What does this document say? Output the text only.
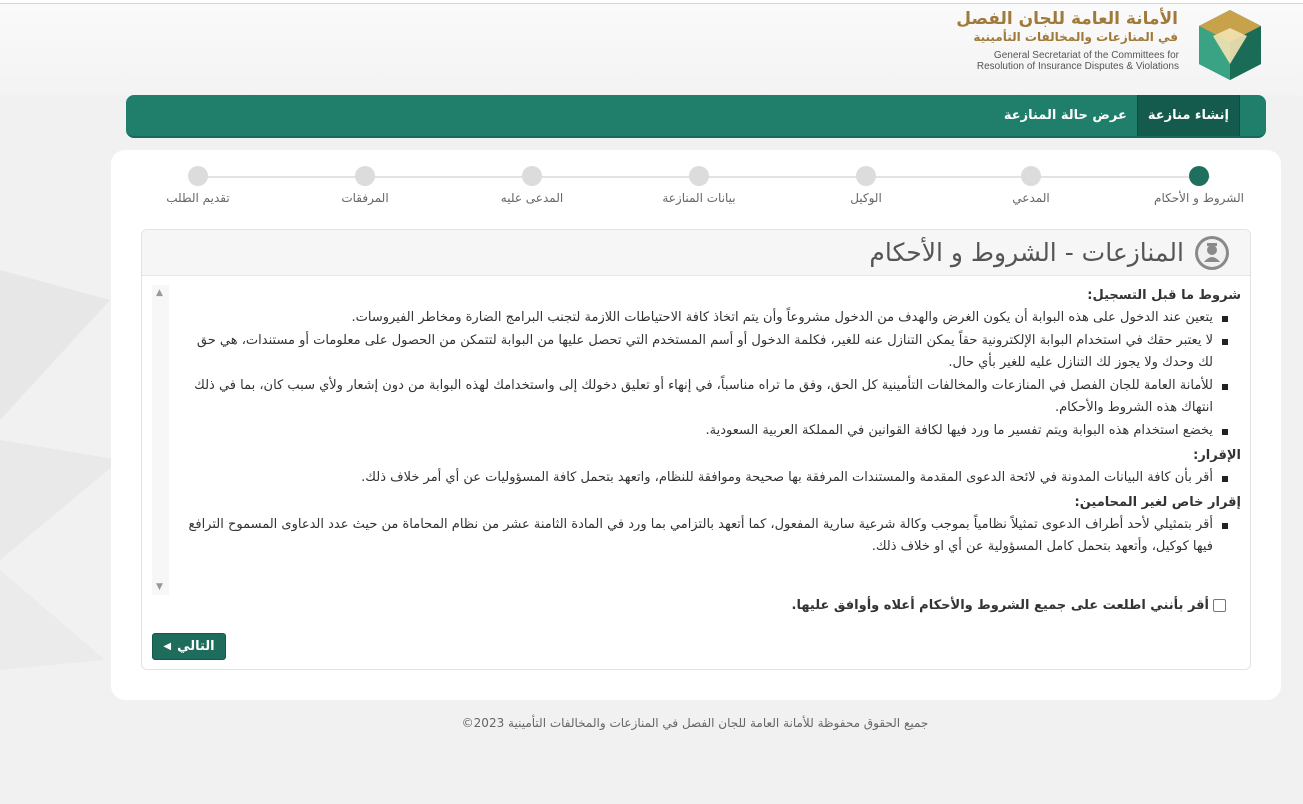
الأمانة العامة للجان الفصل
في المنازعات والمخالفات التأمينية
General Secretariat of the Committees for
Resolution of Insurance Disputes & Violations
إنشاء منازعة
عرض حالة المنازعة
الشروط و الأحكام
المدعي
الوكيل
بيانات المنازعة
المدعى عليه
المرفقات
تقديم الطلب
المنازعات - الشروط و الأحكام
▲
▼
شروط ما قبل التسجيل:
يتعين عند الدخول على هذه البوابة أن يكون الغرض والهدف من الدخول مشروعاً وأن يتم اتخاذ كافة الاحتياطات اللازمة لتجنب البرامج الضارة ومخاطر الفيروسات.
لا يعتبر حقك في استخدام البوابة الإلكترونية حقاً يمكن التنازل عنه للغير، فكلمة الدخول أو أسم المستخدم التي تحصل عليها من البوابة لتتمكن من الحصول على معلومات أو مستندات، هي حق لك وحدك ولا يجوز لك التنازل عليه للغير بأي حال.
للأمانة العامة للجان الفصل في المنازعات والمخالفات التأمينية كل الحق، وفق ما تراه مناسباً، في إنهاء أو تعليق دخولك إلى واستخدامك لهذه البوابة من دون إشعار ولأي سبب كان، بما في ذلك انتهاك هذه الشروط والأحكام.
يخضع استخدام هذه البوابة ويتم تفسير ما ورد فيها لكافة القوانين في المملكة العربية السعودية.
الإقرار:
أقر بأن كافة البيانات المدونة في لائحة الدعوى المقدمة والمستندات المرفقة بها صحيحة وموافقة للنظام، واتعهد بتحمل كافة المسؤوليات عن أي أمر خلاف ذلك.
إقرار خاص لغير المحامين:
أقر بتمثيلي لأحد أطراف الدعوى تمثيلاً نظامياً بموجب وكالة شرعية سارية المفعول، كما أتعهد بالتزامي بما ورد في المادة الثامنة عشر من نظام المحاماة من حيث عدد الدعاوى المسموح الترافع فيها كوكيل، وأتعهد بتحمل كامل المسؤولية عن أي او خلاف ذلك.
أقر بأنني اطلعت على جميع الشروط والأحكام أعلاه وأوافق عليها.
التالي
◀
جميع الحقوق محفوظة للأمانة العامة للجان الفصل في المنازعات والمخالفات التأمينية 2023©
